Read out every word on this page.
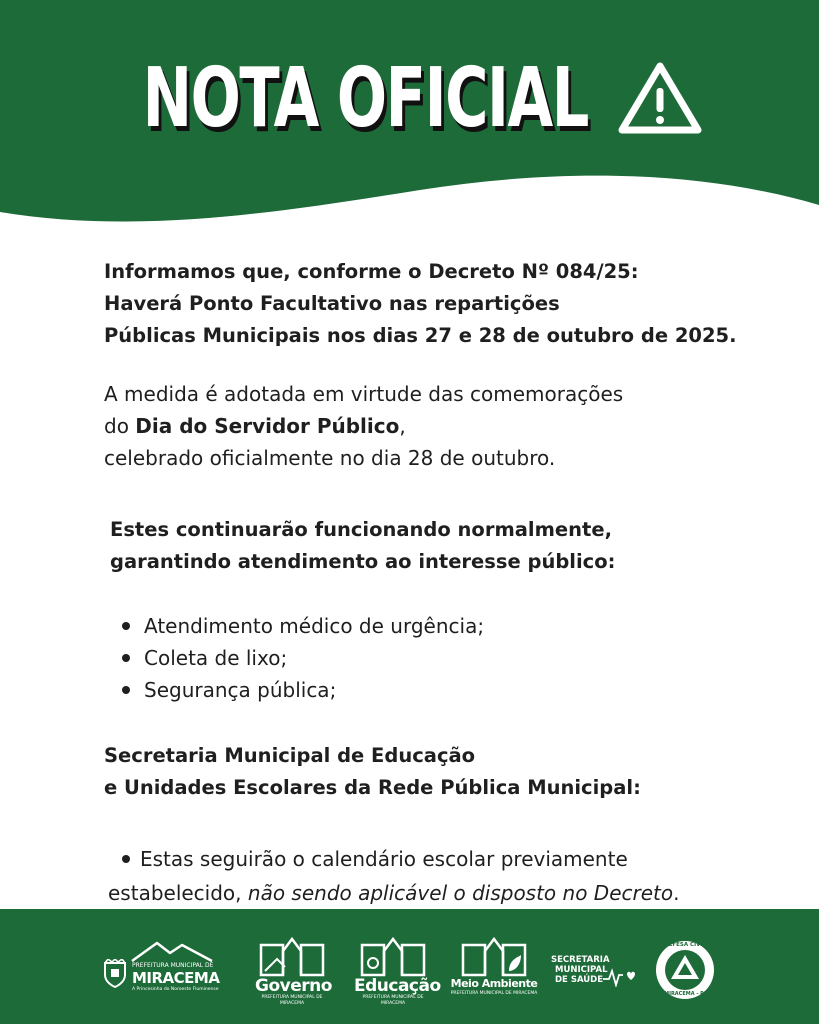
NOTA OFICIAL

Informamos que, conforme o Decreto Nº 084/25:

Haverá Ponto Facultativo nas repartições

Públicas Municipais nos dias 27 e 28 de outubro de 2025.

A medida é adotada em virtude das comemorações

do Dia do Servidor Público,

celebrado oficialmente no dia 28 de outubro.

Estes continuarão funcionando normalmente,

garantindo atendimento ao interesse público:

Atendimento médico de urgência;
Coleta de lixo;
Segurança pública;

Secretaria Municipal de Educação

e Unidades Escolares da Rede Pública Municipal:

Estas seguirão o calendário escolar previamente

estabelecido, não sendo aplicável o disposto no Decreto.

PREFEITURA MUNICIPAL DE
MIRACEMA
A Princesinha do Noroeste Fluminense	Governo
PREFEITURA MUNICIPAL DE MIRACEMA
Educação
PREFEITURA MUNICIPAL DE MIRACEMA
Meio Ambiente
PREFEITURA MUNICIPAL DE MIRACEMA
SECRETARIA
MUNICIPAL
DE SAÚDE
DEFESA CIVIL
MIRACEMA - RJ
